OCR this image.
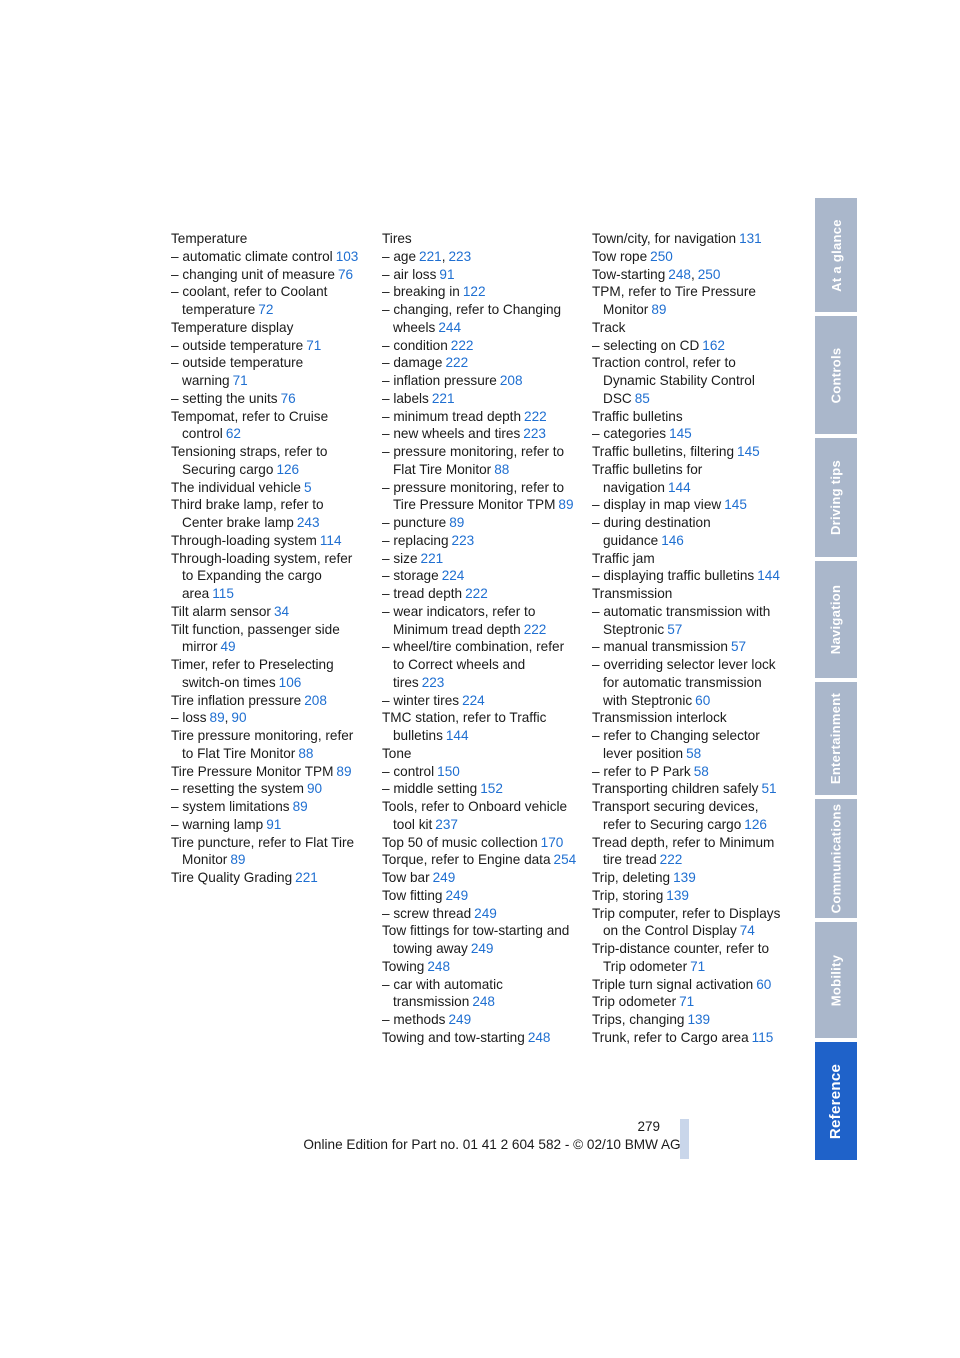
Temperature
– automatic climate control 103
– changing unit of measure 76
– coolant, refer to Coolant temperature 72
Temperature display
– outside temperature 71
– outside temperature warning 71
– setting the units 76
Tempomat, refer to Cruise control 62
Tensioning straps, refer to Securing cargo 126
The individual vehicle 5
Third brake lamp, refer to Center brake lamp 243
Through-loading system 114
Through-loading system, refer to Expanding the cargo area 115
Tilt alarm sensor 34
Tilt function, passenger side mirror 49
Timer, refer to Preselecting switch-on times 106
Tire inflation pressure 208
– loss 89, 90
Tire pressure monitoring, refer to Flat Tire Monitor 88
Tire Pressure Monitor TPM 89
– resetting the system 90
– system limitations 89
– warning lamp 91
Tire puncture, refer to Flat Tire Monitor 89
Tire Quality Grading 221
Tires
– age 221, 223
– air loss 91
– breaking in 122
– changing, refer to Changing wheels 244
– condition 222
– damage 222
– inflation pressure 208
– labels 221
– minimum tread depth 222
– new wheels and tires 223
– pressure monitoring, refer to Flat Tire Monitor 88
– pressure monitoring, refer to Tire Pressure Monitor TPM 89
– puncture 89
– replacing 223
– size 221
– storage 224
– tread depth 222
– wear indicators, refer to Minimum tread depth 222
– wheel/tire combination, refer to Correct wheels and tires 223
– winter tires 224
TMC station, refer to Traffic bulletins 144
Tone
– control 150
– middle setting 152
Tools, refer to Onboard vehicle tool kit 237
Top 50 of music collection 170
Torque, refer to Engine data 254
Tow bar 249
Tow fitting 249
– screw thread 249
Tow fittings for tow-starting and towing away 249
Towing 248
– car with automatic transmission 248
– methods 249
Towing and tow-starting 248
Town/city, for navigation 131
Tow rope 250
Tow-starting 248, 250
TPM, refer to Tire Pressure Monitor 89
Track
– selecting on CD 162
Traction control, refer to Dynamic Stability Control DSC 85
Traffic bulletins
– categories 145
Traffic bulletins, filtering 145
Traffic bulletins for navigation 144
– display in map view 145
– during destination guidance 146
Traffic jam
– displaying traffic bulletins 144
Transmission
– automatic transmission with Steptronic 57
– manual transmission 57
– overriding selector lever lock for automatic transmission with Steptronic 60
Transmission interlock
– refer to Changing selector lever position 58
– refer to P Park 58
Transporting children safely 51
Transport securing devices, refer to Securing cargo 126
Tread depth, refer to Minimum tire tread 222
Trip, deleting 139
Trip, storing 139
Trip computer, refer to Displays on the Control Display 74
Trip-distance counter, refer to Trip odometer 71
Triple turn signal activation 60
Trip odometer 71
Trips, changing 139
Trunk, refer to Cargo area 115
At a glance
Controls
Driving tips
Navigation
Entertainment
Communications
Mobility
Reference
279
Online Edition for Part no. 01 41 2 604 582 - © 02/10 BMW AG
